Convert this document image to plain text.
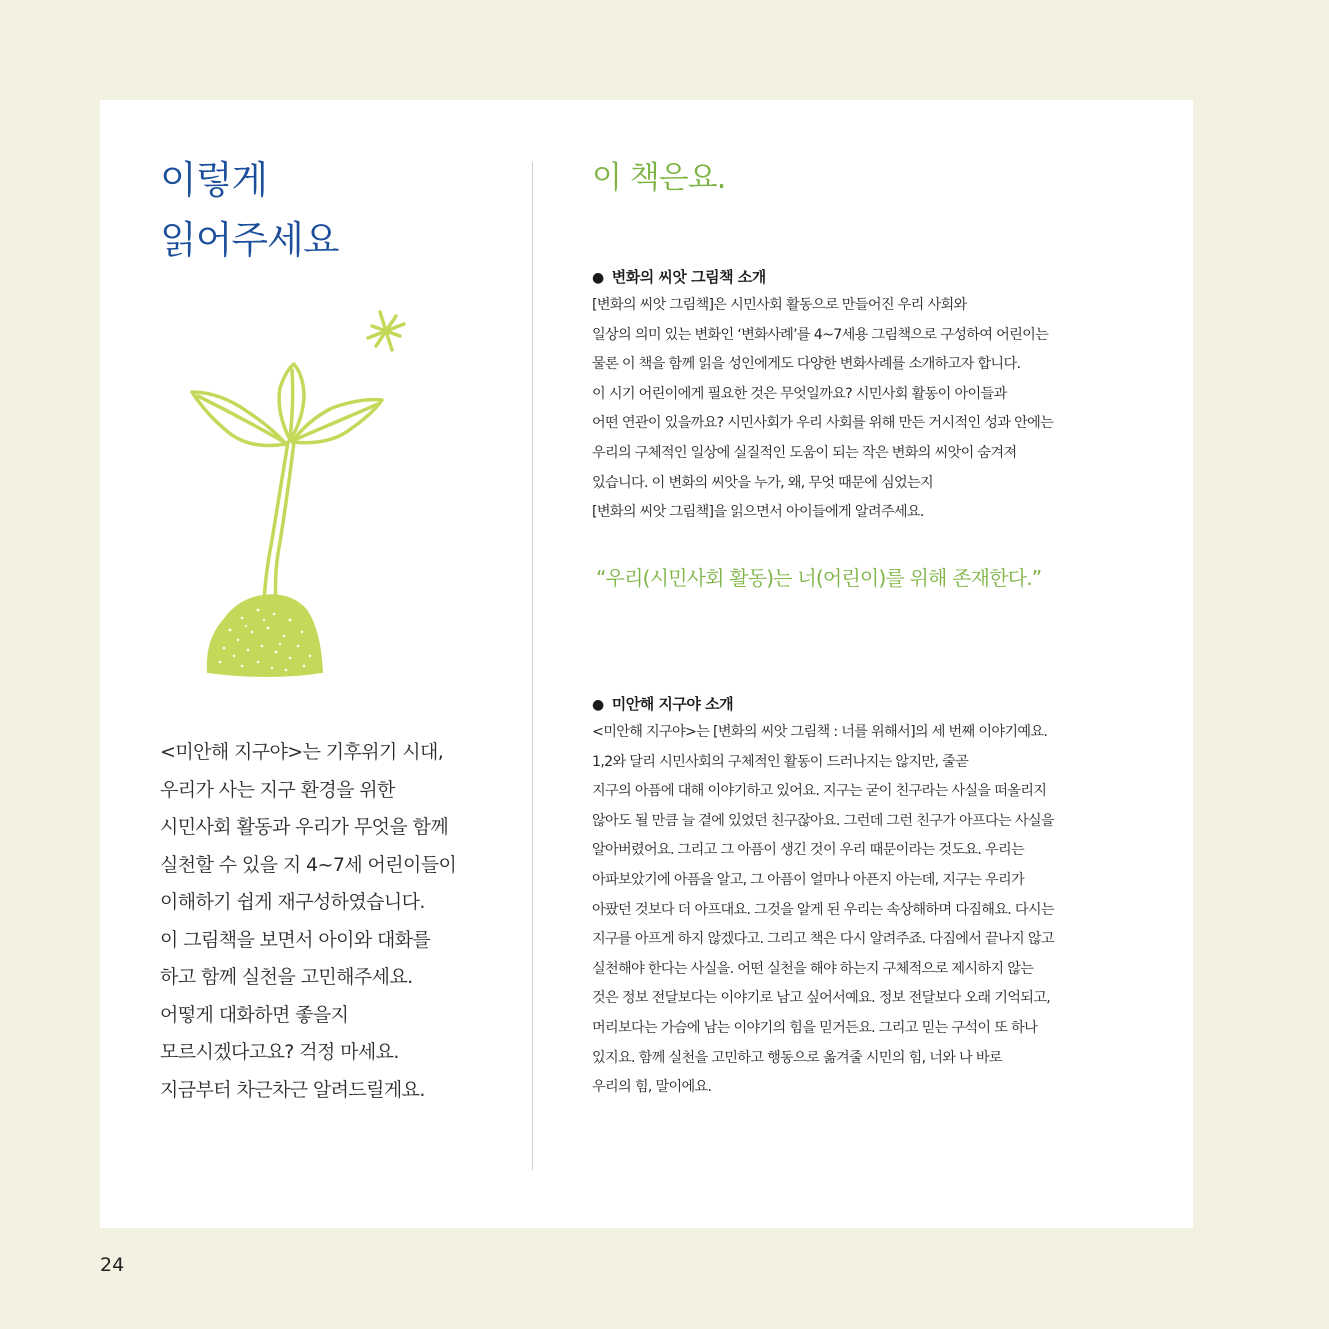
이렇게
읽어주세요

<미안해 지구야>는 기후위기 시대,
우리가 사는 지구 환경을 위한
시민사회 활동과 우리가 무엇을 함께
실천할 수 있을 지 4~7세 어린이들이
이해하기 쉽게 재구성하였습니다.
이 그림책을 보면서 아이와 대화를
하고 함께 실천을 고민해주세요.
어떻게 대화하면 좋을지
모르시겠다고요? 걱정 마세요.
지금부터 차근차근 알려드릴게요.

이 책은요.
● 변화의 씨앗 그림책 소개

[변화의 씨앗 그림책]은 시민사회 활동으로 만들어진 우리 사회와
일상의 의미 있는 변화인 ‘변화사례’를 4~7세용 그림책으로 구성하여 어린이는
물론 이 책을 함께 읽을 성인에게도 다양한 변화사례를 소개하고자 합니다.
이 시기 어린이에게 필요한 것은 무엇일까요? 시민사회 활동이 아이들과
어떤 연관이 있을까요? 시민사회가 우리 사회를 위해 만든 거시적인 성과 안에는
우리의 구체적인 일상에 실질적인 도움이 되는 작은 변화의 씨앗이 숨겨져
있습니다. 이 변화의 씨앗을 누가, 왜, 무엇 때문에 심었는지
[변화의 씨앗 그림책]을 읽으면서 아이들에게 알려주세요.

“우리(시민사회 활동)는 너(어린이)를 위해 존재한다.”

● 미안해 지구야 소개

<미안해 지구야>는 [변화의 씨앗 그림책 : 너를 위해서]의 세 번째 이야기예요.
1,2와 달리 시민사회의 구체적인 활동이 드러나지는 않지만, 줄곧
지구의 아픔에 대해 이야기하고 있어요. 지구는 굳이 친구라는 사실을 떠올리지
않아도 될 만큼 늘 곁에 있었던 친구잖아요. 그런데 그런 친구가 아프다는 사실을
알아버렸어요. 그리고 그 아픔이 생긴 것이 우리 때문이라는 것도요. 우리는
아파보았기에 아픔을 알고, 그 아픔이 얼마나 아픈지 아는데, 지구는 우리가
아팠던 것보다 더 아프대요. 그것을 알게 된 우리는 속상해하며 다짐해요. 다시는
지구를 아프게 하지 않겠다고. 그리고 책은 다시 알려주죠. 다짐에서 끝나지 않고
실천해야 한다는 사실을. 어떤 실천을 해야 하는지 구체적으로 제시하지 않는
것은 정보 전달보다는 이야기로 남고 싶어서예요. 정보 전달보다 오래 기억되고,
머리보다는 가슴에 남는 이야기의 힘을 믿거든요. 그리고 믿는 구석이 또 하나
있지요. 함께 실천을 고민하고 행동으로 옮겨줄 시민의 힘, 너와 나 바로
우리의 힘, 말이에요.

24
